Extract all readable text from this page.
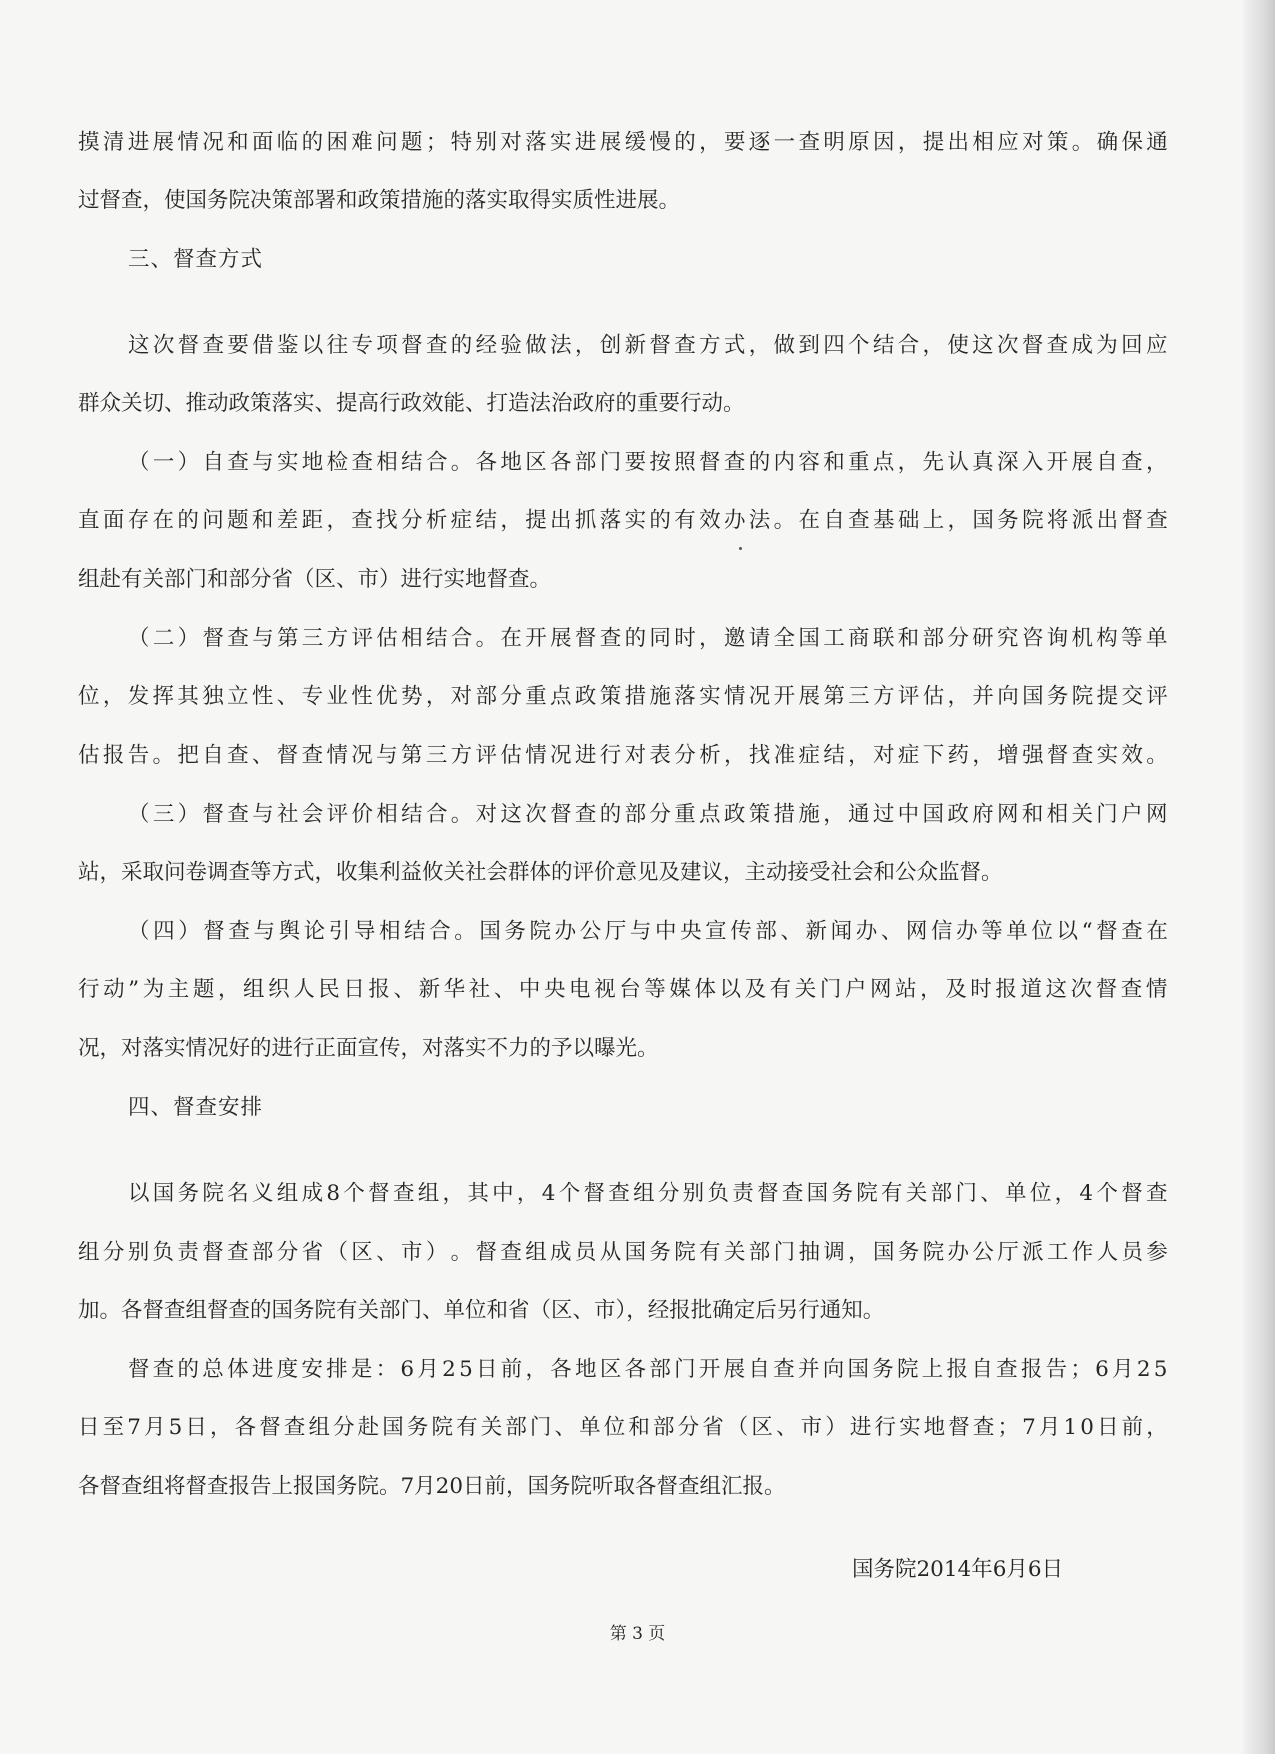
摸 清 进 展 情 况 和 面 临 的 困 难 问 题 ； 特 别 对 落 实 进 展 缓 慢 的 ， 要 逐 一 查 明 原 因 ， 提 出 相 应 对 策 。 确 保 通
过督查，使国务院决策部署和政策措施的落实取得实质性进展。
三、督查方式
这 次 督 查 要 借 鉴 以 往 专 项 督 查 的 经 验 做 法 ， 创 新 督 查 方 式 ， 做 到 四 个 结 合 ， 使 这 次 督 查 成 为 回 应
群众关切、推动政策落实、提高行政效能、打造法治政府的重要行动。
（ 一 ） 自 查 与 实 地 检 查 相 结 合 。 各 地 区 各 部 门 要 按 照 督 查 的 内 容 和 重 点 ， 先 认 真 深 入 开 展 自 查 ，
直 面 存 在 的 问 题 和 差 距 ， 查 找 分 析 症 结 ， 提 出 抓 落 实 的 有 效 办 法 。 在 自 查 基 础 上 ， 国 务 院 将 派 出 督 查
组赴有关部门和部分省（区、市）进行实地督查。
（ 二 ） 督 查 与 第 三 方 评 估 相 结 合 。 在 开 展 督 查 的 同 时 ， 邀 请 全 国 工 商 联 和 部 分 研 究 咨 询 机 构 等 单
位 ， 发 挥 其 独 立 性 、 专 业 性 优 势 ， 对 部 分 重 点 政 策 措 施 落 实 情 况 开 展 第 三 方 评 估 ， 并 向 国 务 院 提 交 评
估 报 告 。 把 自 查 、 督 查 情 况 与 第 三 方 评 估 情 况 进 行 对 表 分 析 ， 找 准 症 结 ， 对 症 下 药 ， 增 强 督 查 实 效 。
（ 三 ） 督 查 与 社 会 评 价 相 结 合 。 对 这 次 督 查 的 部 分 重 点 政 策 措 施 ， 通 过 中 国 政 府 网 和 相 关 门 户 网
站，采取问卷调查等方式，收集利益攸关社会群体的评价意见及建议，主动接受社会和公众监督。
（ 四 ） 督 查 与 舆 论 引 导 相 结 合 。 国 务 院 办 公 厅 与 中 央 宣 传 部 、 新 闻 办 、 网 信 办 等 单 位 以 “ 督 查 在
行 动 ” 为 主 题 ， 组 织 人 民 日 报 、 新 华 社 、 中 央 电 视 台 等 媒 体 以 及 有 关 门 户 网 站 ， 及 时 报 道 这 次 督 查 情
况，对落实情况好的进行正面宣传，对落实不力的予以曝光。
四、督查安排
以 国 务 院 名 义 组 成 8 个 督 查 组 ， 其 中 ， 4 个 督 查 组 分 别 负 责 督 查 国 务 院 有 关 部 门 、 单 位 ， 4 个 督 查
组 分 别 负 责 督 查 部 分 省 （ 区 、 市 ） 。 督 查 组 成 员 从 国 务 院 有 关 部 门 抽 调 ， 国 务 院 办 公 厅 派 工 作 人 员 参
加。各督查组督查的国务院有关部门、单位和省（区、市），经报批确定后另行通知。
督 查 的 总 体 进 度 安 排 是 ： 6 月 2 5 日 前 ， 各 地 区 各 部 门 开 展 自 查 并 向 国 务 院 上 报 自 查 报 告 ； 6 月 2 5
日 至 7 月 5 日 ， 各 督 查 组 分 赴 国 务 院 有 关 部 门 、 单 位 和 部 分 省 （ 区 、 市 ） 进 行 实 地 督 查 ； 7 月 1 0 日 前 ，
各督查组将督查报告上报国务院。7月20日前，国务院听取各督查组汇报。
国务院2014年6月6日
第 3 页
